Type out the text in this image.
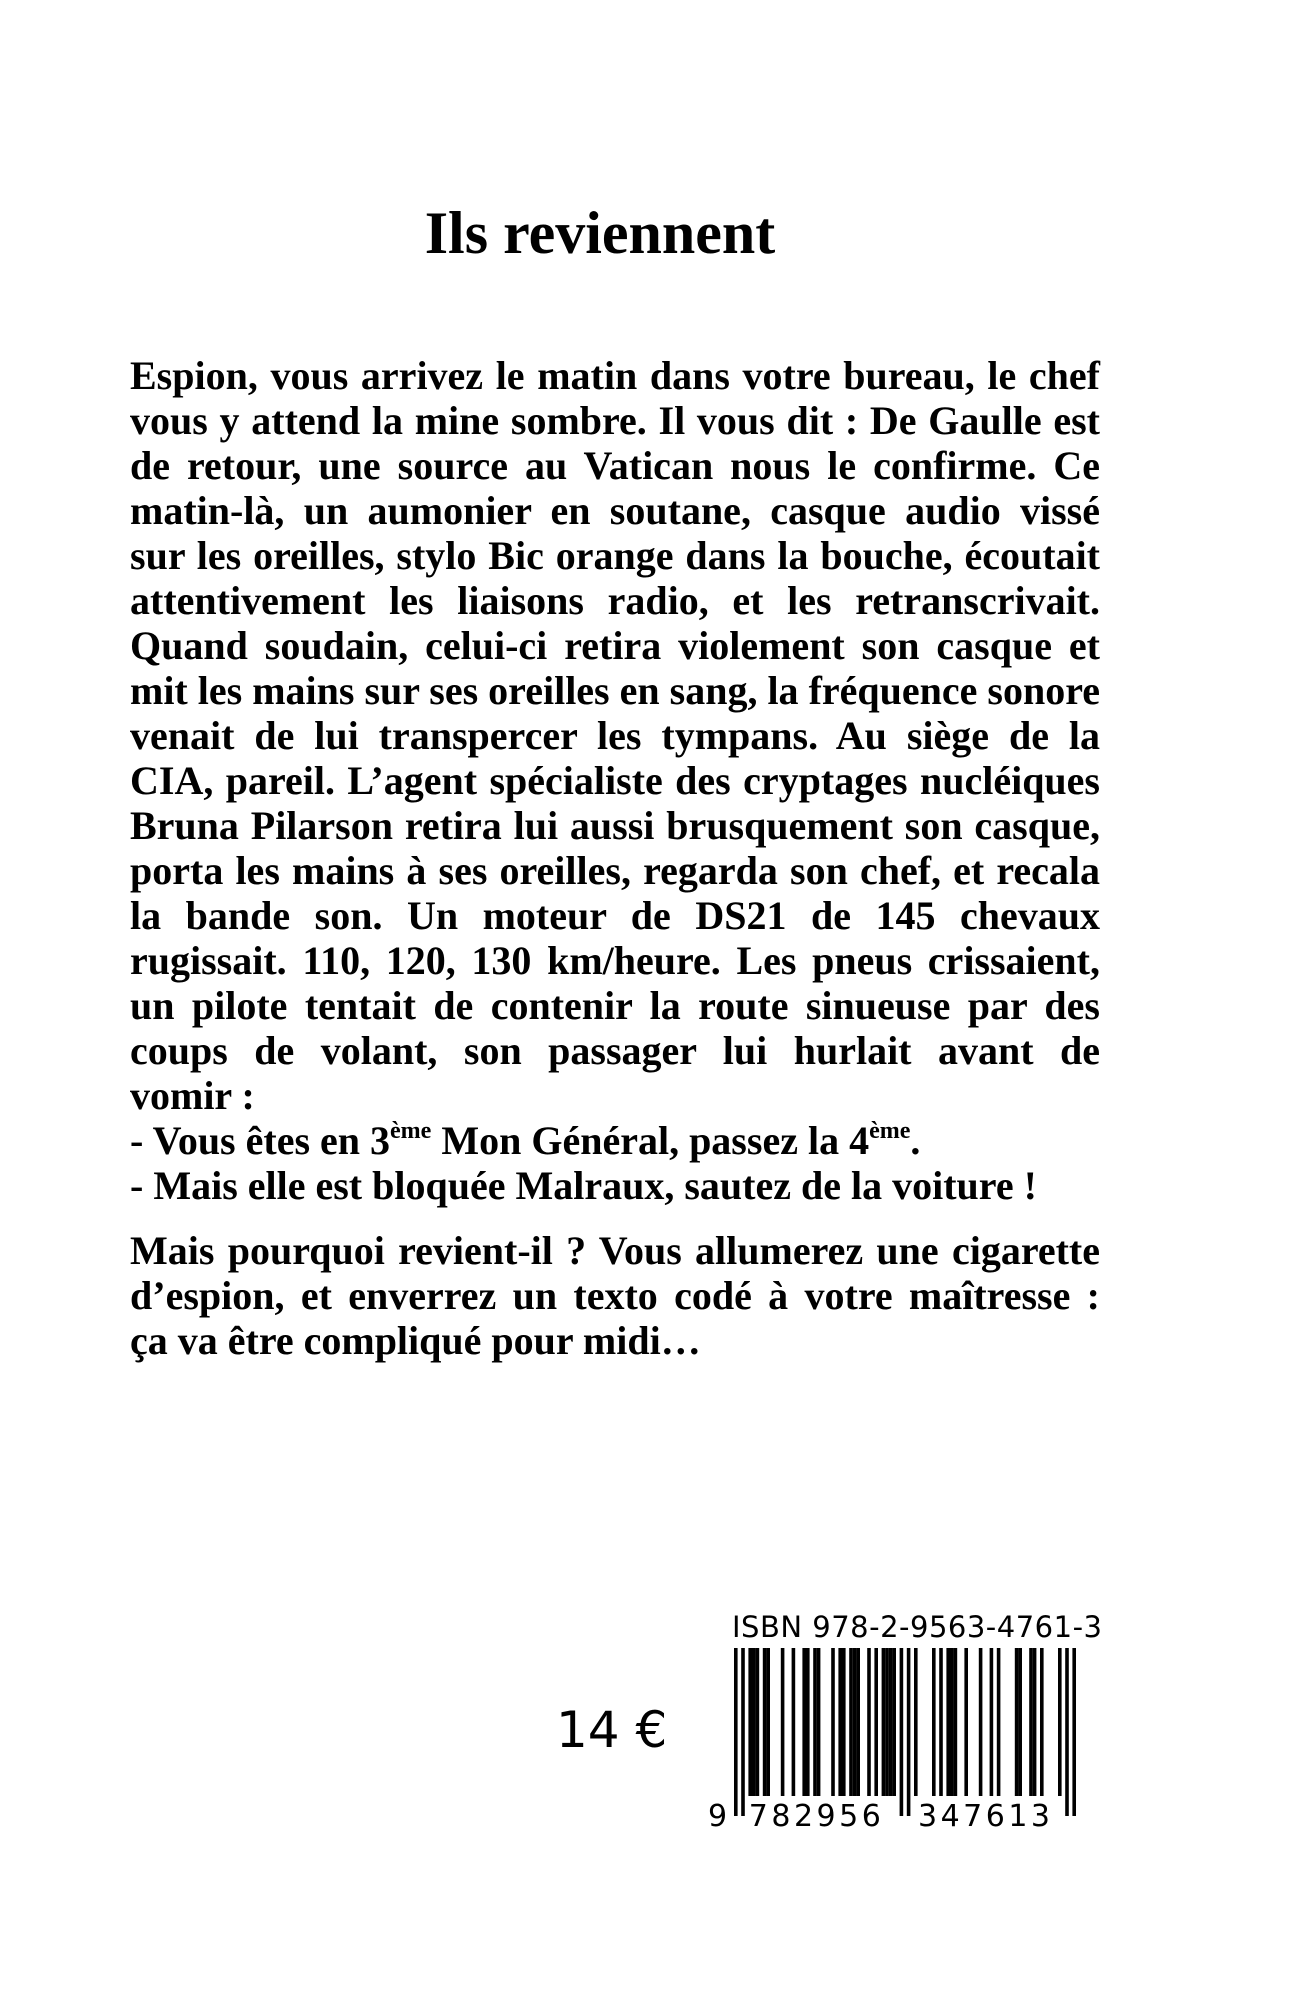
Ils reviennent

Espion, vous arrivez le matin dans votre bureau, le chef
vous y attend la mine sombre. Il vous dit : De Gaulle est
de retour, une source au Vatican nous le confirme. Ce
matin-là, un aumonier en soutane, casque audio vissé
sur les oreilles, stylo Bic orange dans la bouche, écoutait
attentivement les liaisons radio, et les retranscrivait.
Quand soudain, celui-ci retira violement son casque et
mit les mains sur ses oreilles en sang, la fréquence sonore
venait de lui transpercer les tympans. Au siège de la
CIA, pareil. L’agent spécialiste des cryptages nucléiques
Bruna Pilarson retira lui aussi brusquement son casque,
porta les mains à ses oreilles, regarda son chef, et recala
la bande son. Un moteur de DS21 de 145 chevaux
rugissait. 110, 120, 130 km/heure. Les pneus crissaient,
un pilote tentait de contenir la route sinueuse par des
coups de volant, son passager lui hurlait avant de
vomir :
- Vous êtes en 3ème Mon Général, passez la 4ème.
- Mais elle est bloquée Malraux, sautez de la voiture !

Mais pourquoi revient-il ? Vous allumerez une cigarette
d’espion, et enverrez un texto codé à votre maîtresse :
ça va être compliqué pour midi…

14 €
ISBN 978-2-9563-4761-3
9 782956 347613
